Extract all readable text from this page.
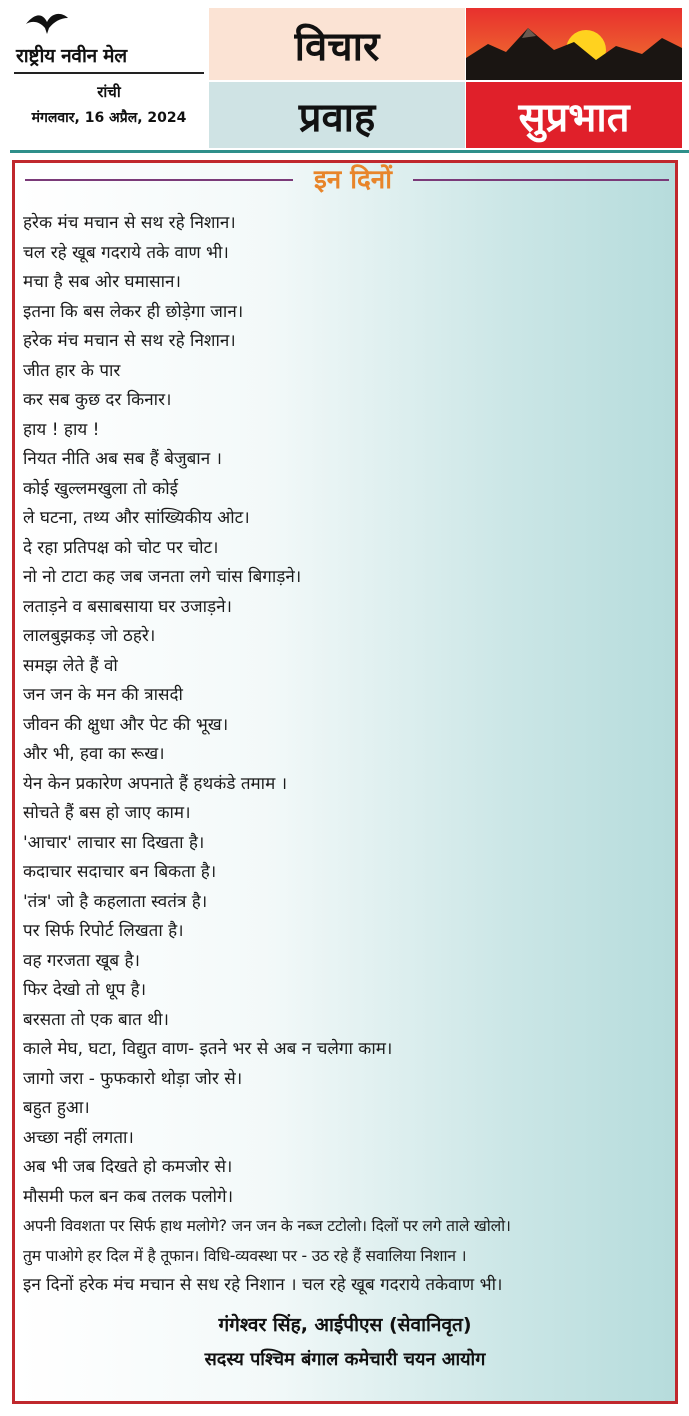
राष्ट्रीय नवीन मेल
रांची
मंगलवार, 16 अप्रैल, 2024
विचार
प्रवाह	सुप्रभात
इन दिनों
हरेक मंच मचान से सथ रहे निशान।
चल रहे खूब गदराये तके वाण भी।
मचा है सब ओर घमासान।
इतना कि बस लेकर ही छोड़ेगा जान।
हरेक मंच मचान से सथ रहे निशान।
जीत हार के पार
कर सब कुछ दर किनार।
हाय ! हाय !
नियत नीति अब सब हैं बेजुबान ।
कोई खुल्लमखुला तो कोई
ले घटना, तथ्य और सांख्यिकीय ओट।
दे रहा प्रतिपक्ष को चोट पर चोट।
नो नो टाटा कह जब जनता लगे चांस बिगाड़ने।
लताड़ने व बसाबसाया घर उजाड़ने।
लालबुझकड़ जो ठहरे।
समझ लेते हैं वो
जन जन के मन की त्रासदी
जीवन की क्षुधा और पेट की भूख।
और भी, हवा का रूख।
येन केन प्रकारेण अपनाते हैं हथकंडे तमाम ।
सोचते हैं बस हो जाए काम।
'आचार' लाचार सा दिखता है।
कदाचार सदाचार बन बिकता है।
'तंत्र' जो है कहलाता स्वतंत्र है।
पर सिर्फ रिपोर्ट लिखता है।
वह गरजता खूब है।
फिर देखो तो धूप है।
बरसता तो एक बात थी।
काले मेघ, घटा, विद्युत वाण- इतने भर से अब न चलेगा काम।
जागो जरा - फुफकारो थोड़ा जोर से।
बहुत हुआ।
अच्छा नहीं लगता।
अब भी जब दिखते हो कमजोर से।
मौसमी फल बन कब तलक पलोगे।
अपनी विवशता पर सिर्फ हाथ मलोगे? जन जन के नब्ज टटोलो। दिलों पर लगे ताले खोलो।
तुम पाओगे हर दिल में है तूफान। विधि-व्यवस्था पर - उठ रहे हैं सवालिया निशान ।
इन दिनों हरेक मंच मचान से सध रहे निशान । चल रहे खूब गदराये तकेवाण भी।
गंगेश्वर सिंह, आईपीएस (सेवानिवृत)
सदस्य पश्चिम बंगाल कमेचारी चयन आयोग
